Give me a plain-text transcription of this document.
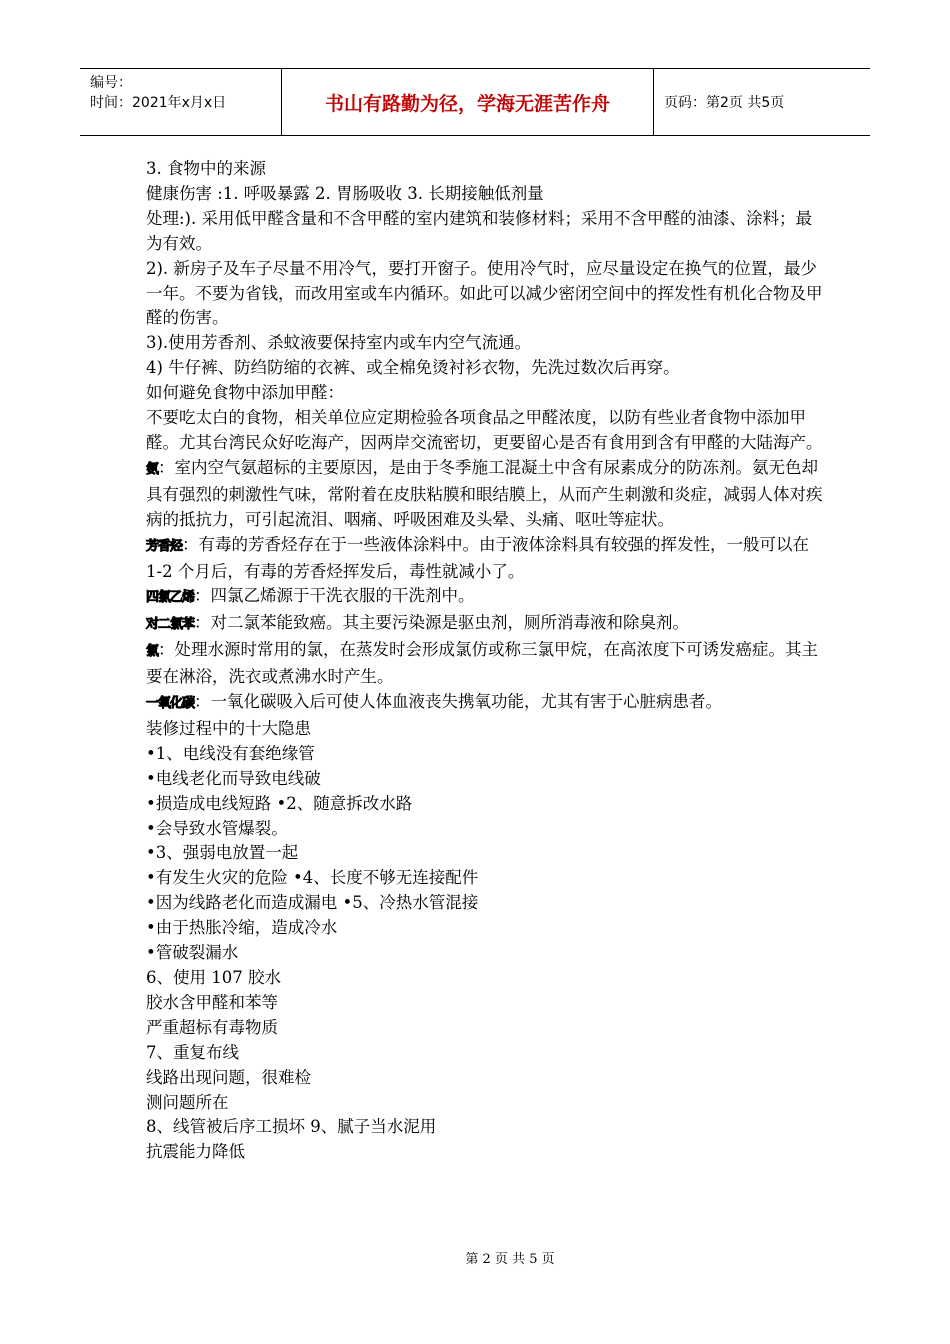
编号：
时间：2021年x月x日	书山有路勤为径，学海无涯苦作舟	页码：第2页 共5页

3. 食物中的来源

健康伤害 :1. 呼吸暴露 2. 胃肠吸收 3. 长期接触低剂量

处理:). 采用低甲醛含量和不含甲醛的室内建筑和装修材料；采用不含甲醛的油漆、涂料；最为有效。

2). 新房子及车子尽量不用冷气，要打开窗子。使用冷气时，应尽量设定在换气的位置，最少一年。不要为省钱，而改用室或车内循环。如此可以减少密闭空间中的挥发性有机化合物及甲醛的伤害。

3).使用芳香剂、杀蚊液要保持室内或车内空气流通。

4) 牛仔裤、防绉防缩的衣裤、或全棉免烫衬衫衣物，先洗过数次后再穿。

如何避免食物中添加甲醛：

不要吃太白的食物，相关单位应定期检验各项食品之甲醛浓度，以防有些业者食物中添加甲醛。尤其台湾民众好吃海产，因两岸交流密切，更要留心是否有食用到含有甲醛的大陆海产。

氨：室内空气氨超标的主要原因，是由于冬季施工混凝土中含有尿素成分的防冻剂。氨无色却具有强烈的刺激性气味，常附着在皮肤粘膜和眼结膜上，从而产生刺激和炎症，减弱人体对疾病的抵抗力，可引起流泪、咽痛、呼吸困难及头晕、头痛、呕吐等症状。

芳香烃：有毒的芳香烃存在于一些液体涂料中。由于液体涂料具有较强的挥发性，一般可以在 1-2 个月后，有毒的芳香烃挥发后，毒性就减小了。

四氯乙烯：四氯乙烯源于干洗衣服的干洗剂中。

对二氯苯：对二氯苯能致癌。其主要污染源是驱虫剂，厕所消毒液和除臭剂。

氯：处理水源时常用的氯，在蒸发时会形成氯仿或称三氯甲烷，在高浓度下可诱发癌症。其主要在淋浴，洗衣或煮沸水时产生。

一氧化碳：一氧化碳吸入后可使人体血液丧失携氧功能，尤其有害于心脏病患者。

装修过程中的十大隐患

•1、电线没有套绝缘管

•电线老化而导致电线破

•损造成电线短路 •2、随意拆改水路

•会导致水管爆裂。

•3、强弱电放置一起

•有发生火灾的危险 •4、长度不够无连接配件

•因为线路老化而造成漏电 •5、冷热水管混接

•由于热胀冷缩，造成冷水

•管破裂漏水

6、使用 107 胶水

胶水含甲醛和苯等

严重超标有毒物质

7、重复布线

线路出现问题，很难检

测问题所在

8、线管被后序工损坏 9、腻子当水泥用

抗震能力降低

第 2 页 共 5 页
